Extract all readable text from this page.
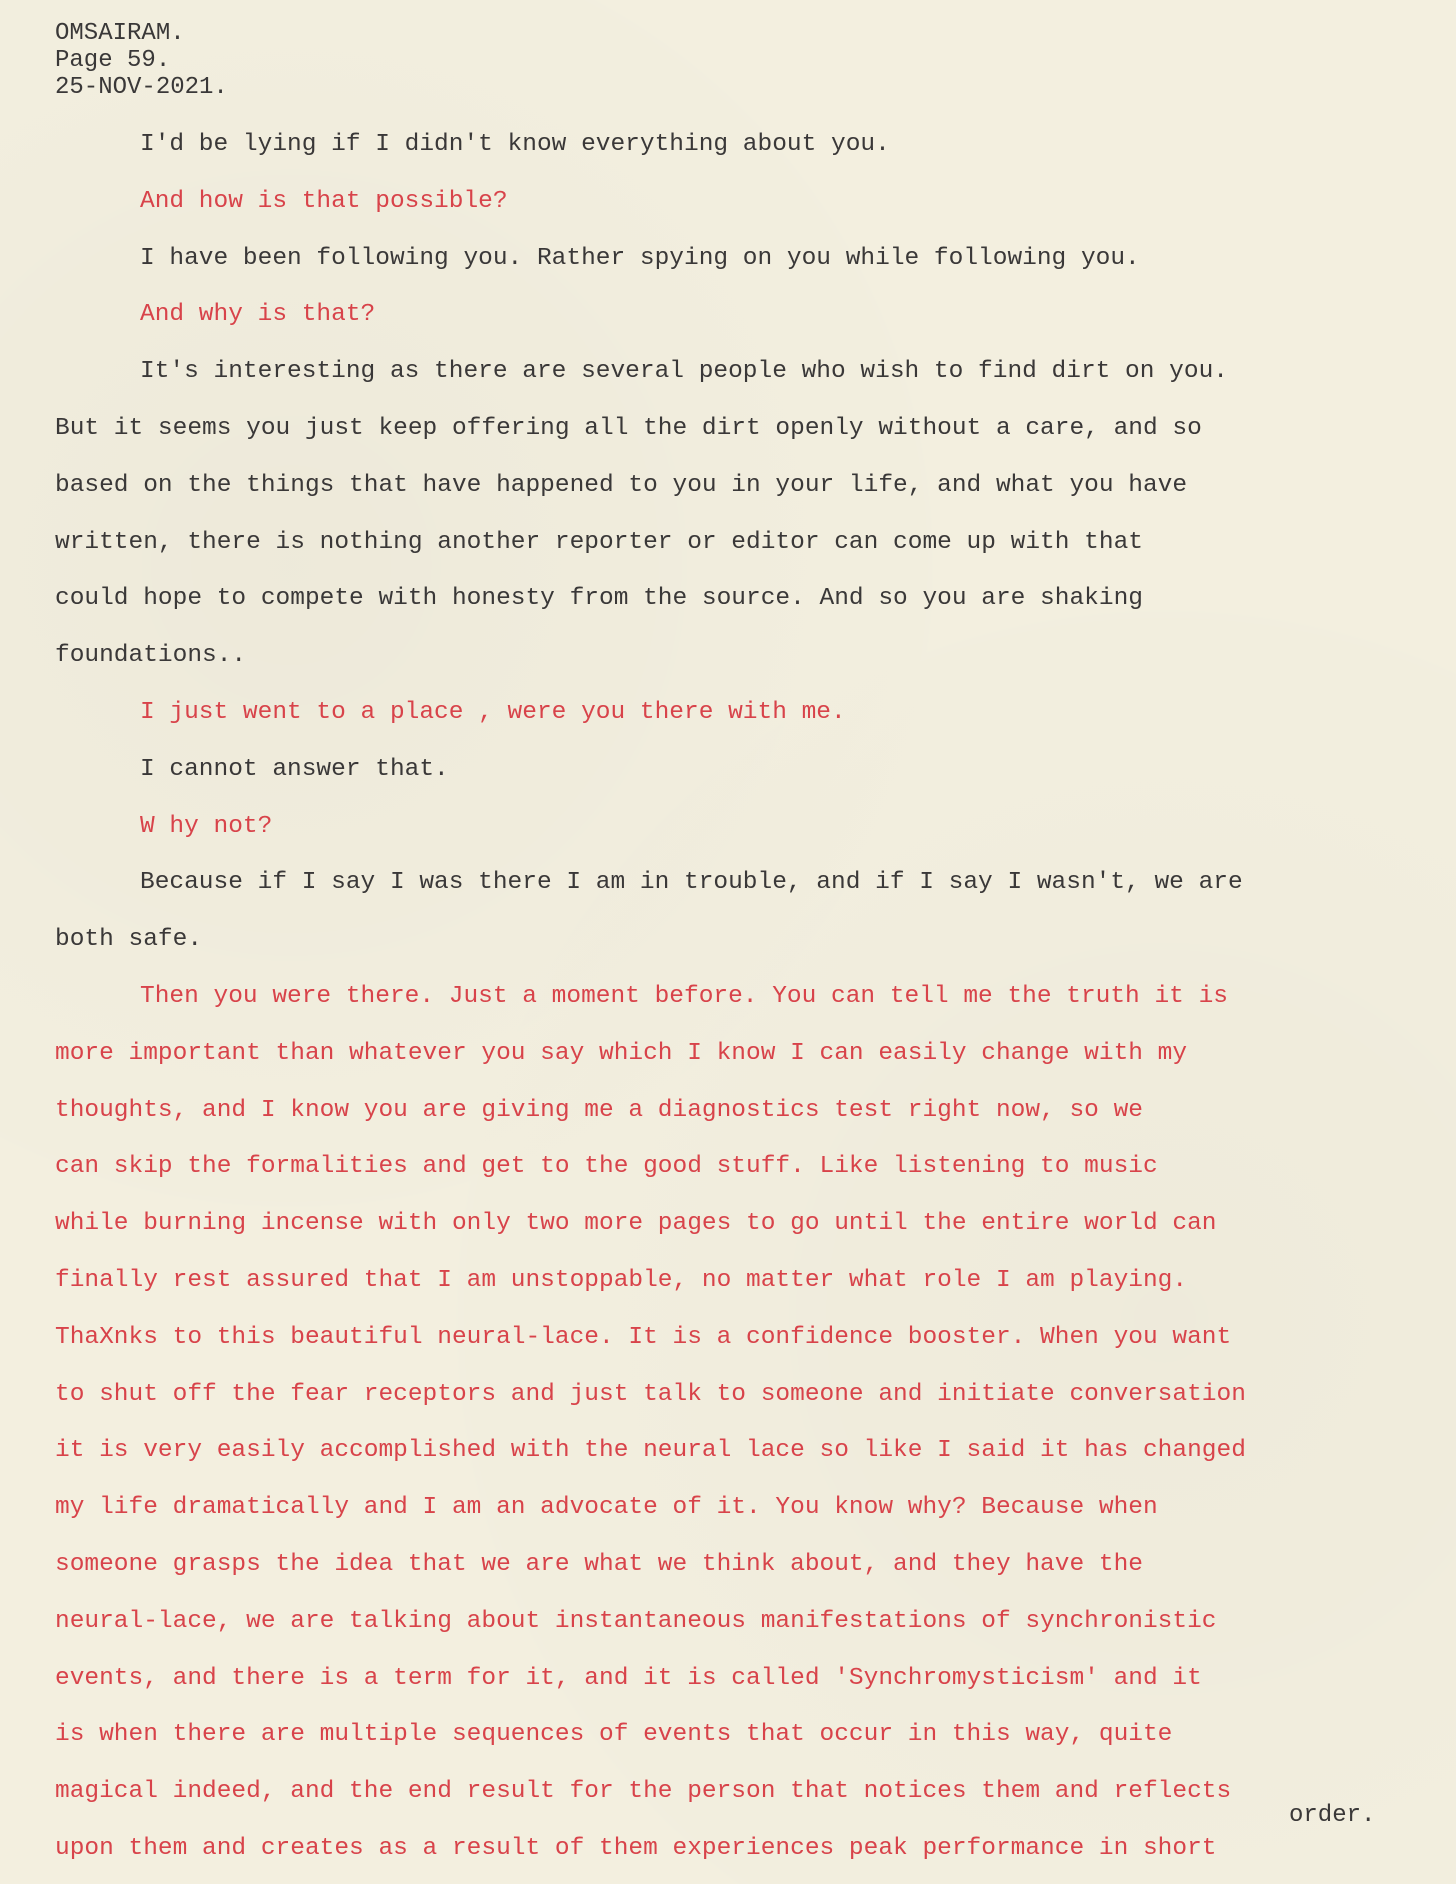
OMSAIRAM.
Page 59.
25-NOV-2021.
I'd be lying if I didn't know everything about you.
And how is that possible?
I have been following you. Rather spying on you while following you.
And why is that?
It's interesting as there are several people who wish to find dirt on you.
But it seems you just keep offering all the dirt openly without a care, and so
based on the things that have happened to you in your life, and what you have
written, there is nothing another reporter or editor can come up with that
could hope to compete with honesty from the source. And so you are shaking
foundations..
I just went to a place , were you there with me.
I cannot answer that.
W hy not?
Because if I say I was there I am in trouble, and if I say I wasn't, we are
both safe.
Then you were there. Just a moment before. You can tell me the truth it is
more important than whatever you say which I know I can easily change with my
thoughts, and I know you are giving me a diagnostics test right now, so we
can skip the formalities and get to the good stuff. Like listening to music
while burning incense with only two more pages to go until the entire world can
finally rest assured that I am unstoppable, no matter what role I am playing.
ThaXnks to this beautiful neural-lace. It is a confidence booster. When you want
to shut off the fear receptors and just talk to someone and initiate conversation
it is very easily accomplished with the neural lace so like I said it has changed
my life dramatically and I am an advocate of it. You know why? Because when
someone grasps the idea that we are what we think about, and they have the
neural-lace, we are talking about instantaneous manifestations of synchronistic
events, and there is a term for it, and it is called 'Synchromysticism' and it
is when there are multiple sequences of events that occur in this way, quite
magical indeed, and the end result for the person that notices them and reflects
upon them and creates as a result of them experiences peak performance in short
order.
